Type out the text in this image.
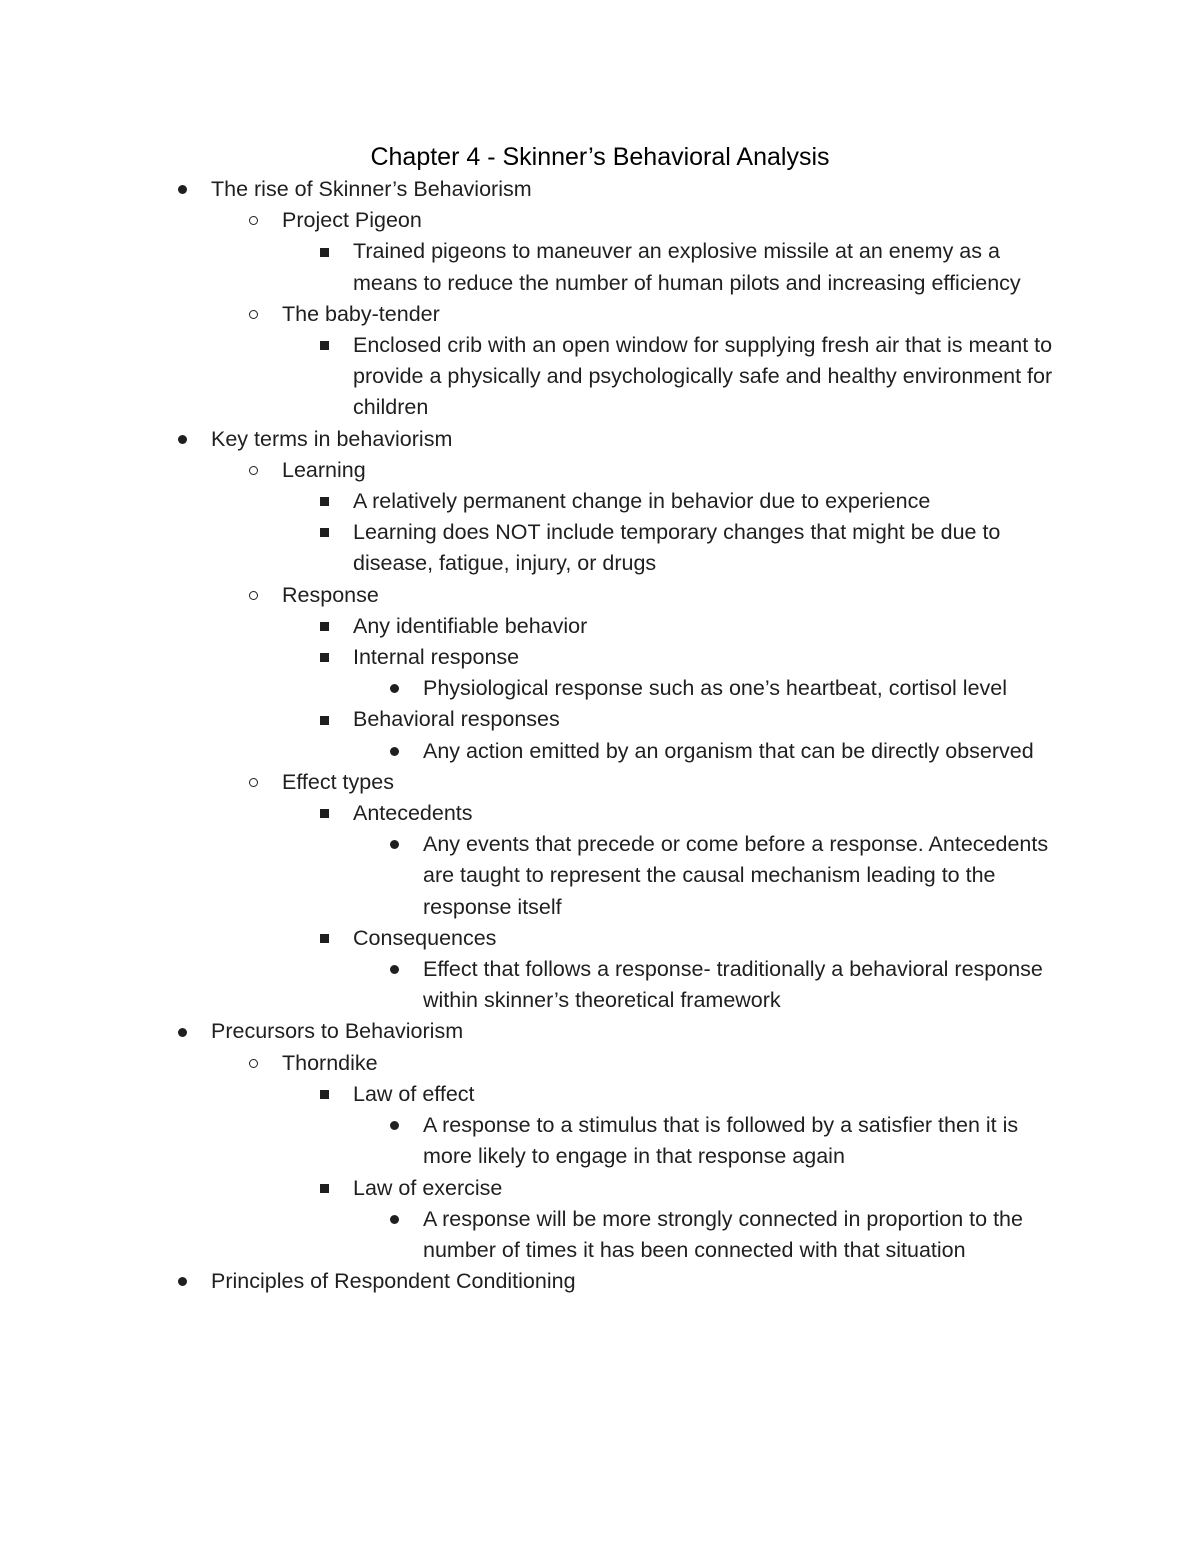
Chapter 4 - Skinner’s Behavioral Analysis
The rise of Skinner’s Behaviorism
Project Pigeon
Trained pigeons to maneuver an explosive missile at an enemy as a means to reduce the number of human pilots and increasing efficiency
The baby-tender
Enclosed crib with an open window for supplying fresh air that is meant to provide a physically and psychologically safe and healthy environment for children
Key terms in behaviorism
Learning
A relatively permanent change in behavior due to experience
Learning does NOT include temporary changes that might be due to disease, fatigue, injury, or drugs
Response
Any identifiable behavior
Internal response
Physiological response such as one’s heartbeat, cortisol level
Behavioral responses
Any action emitted by an organism that can be directly observed
Effect types
Antecedents
Any events that precede or come before a response. Antecedents are taught to represent the causal mechanism leading to the response itself
Consequences
Effect that follows a response- traditionally a behavioral response within skinner’s theoretical framework
Precursors to Behaviorism
Thorndike
Law of effect
A response to a stimulus that is followed by a satisfier then it is more likely to engage in that response again
Law of exercise
A response will be more strongly connected in proportion to the number of times it has been connected with that situation
Principles of Respondent Conditioning
